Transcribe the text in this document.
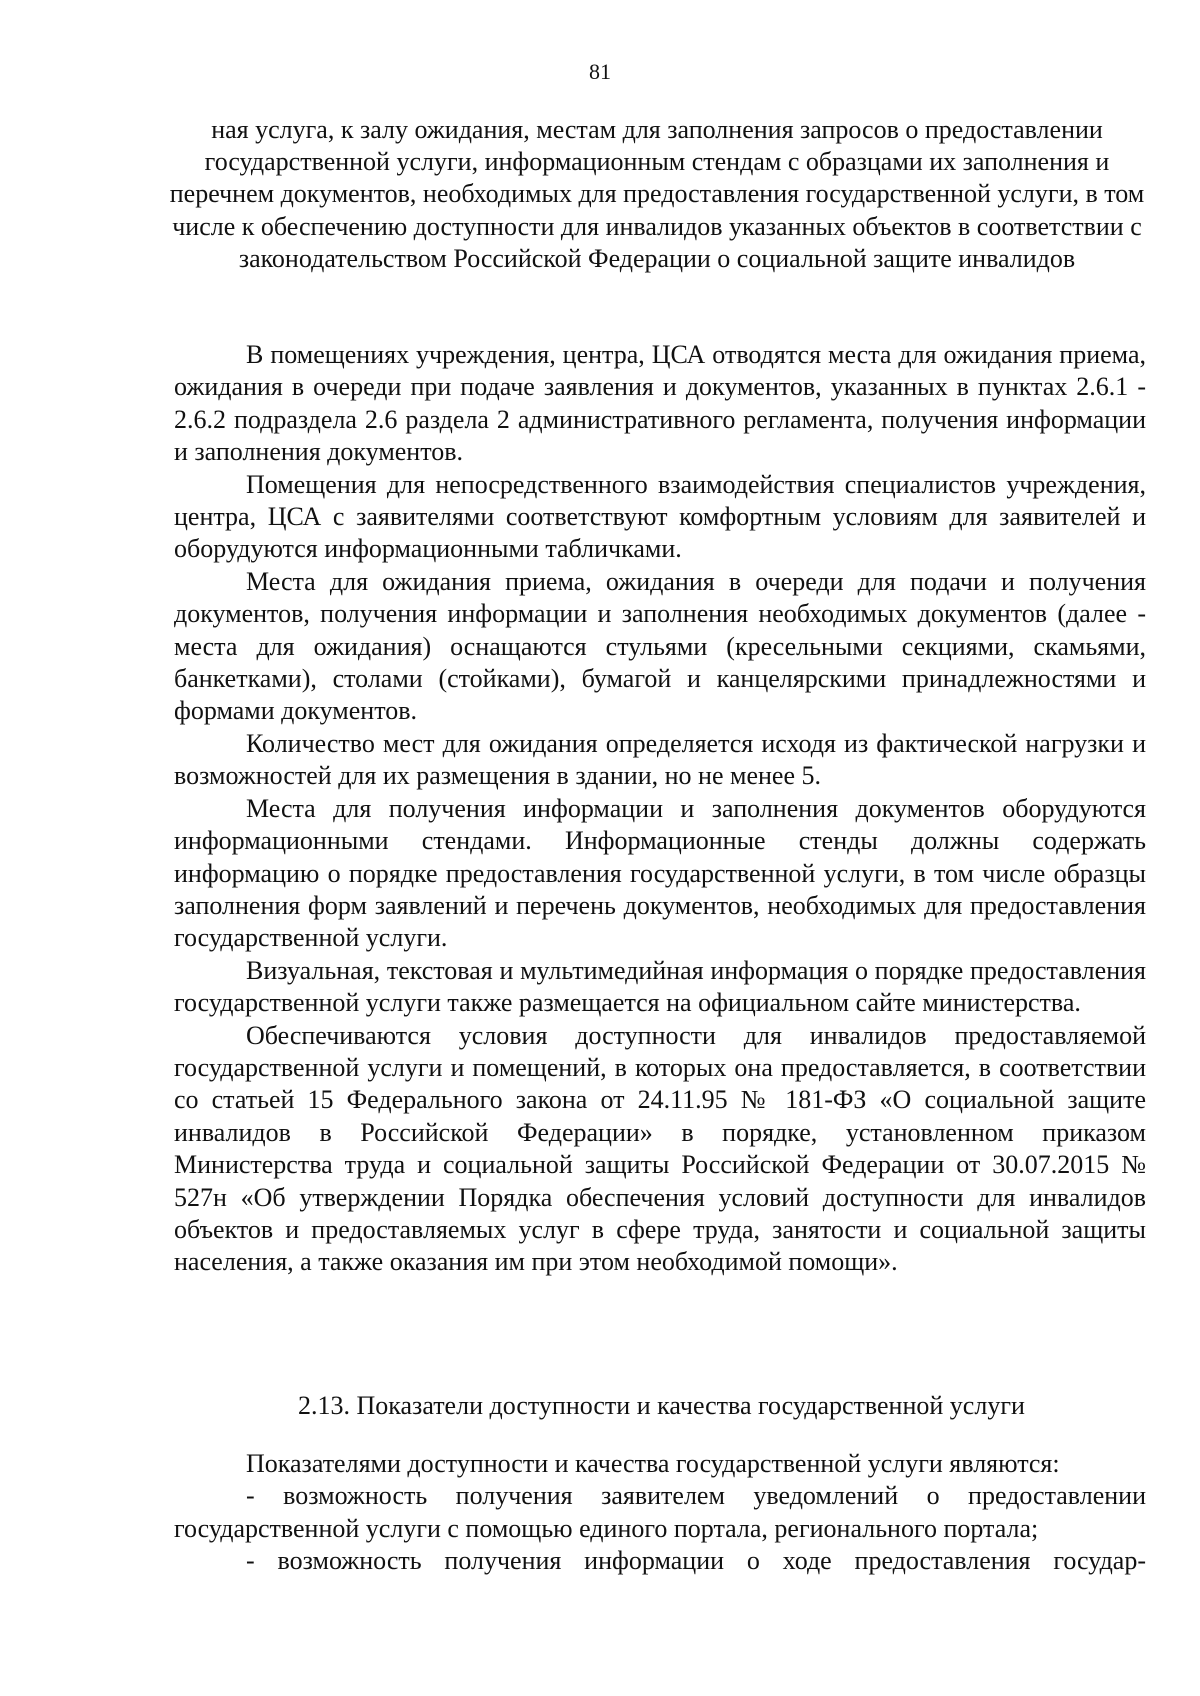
81
ная услуга, к залу ожидания, местам для заполнения запросов о предоставлении государственной услуги, информационным стендам с образцами их заполнения и перечнем документов, необходимых для предоставления государственной услуги, в том числе к обеспечению доступности для инвалидов указанных объектов в соответствии с законодательством Российской Федерации о социальной защите инвалидов

В помещениях учреждения, центра, ЦСА отводятся места для ожидания приема, ожидания в очереди при подаче заявления и документов, указанных в пунктах 2.6.1 - 2.6.2 подраздела 2.6 раздела 2 административного регламента, получения информации и заполнения документов.

Помещения для непосредственного взаимодействия специалистов учреждения, центра, ЦСА с заявителями соответствуют комфортным условиям для заявителей и оборудуются информационными табличками.

Места для ожидания приема, ожидания в очереди для подачи и получения документов, получения информации и заполнения необходимых документов (далее - места для ожидания) оснащаются стульями (кресельными секциями, скамьями, банкетками), столами (стойками), бумагой и канцелярскими принадлежностями и формами документов.

Количество мест для ожидания определяется исходя из фактической нагрузки и возможностей для их размещения в здании, но не менее 5.

Места для получения информации и заполнения документов оборудуются информационными стендами. Информационные стенды должны содержать информацию о порядке предоставления государственной услуги, в том числе образцы заполнения форм заявлений и перечень документов, необходимых для предоставления государственной услуги.

Визуальная, текстовая и мультимедийная информация о порядке предоставления государственной услуги также размещается на официальном сайте министерства.

Обеспечиваются условия доступности для инвалидов предоставляемой государственной услуги и помещений, в которых она предоставляется, в соответствии со статьей 15 Федерального закона от 24.11.95 № 181-ФЗ «О социальной защите инвалидов в Российской Федерации» в порядке, установленном приказом Министерства труда и социальной защиты Российской Федерации от 30.07.2015 № 527н «Об утверждении Порядка обеспечения условий доступности для инвалидов объектов и предоставляемых услуг в сфере труда, занятости и социальной защиты населения, а также оказания им при этом необходимой помощи».

2.13. Показатели доступности и качества государственной услуги

Показателями доступности и качества государственной услуги являются:

- возможность получения заявителем уведомлений о предоставлении государственной услуги с помощью единого портала, регионального портала;

- возможность получения информации о ходе предоставления государ-
